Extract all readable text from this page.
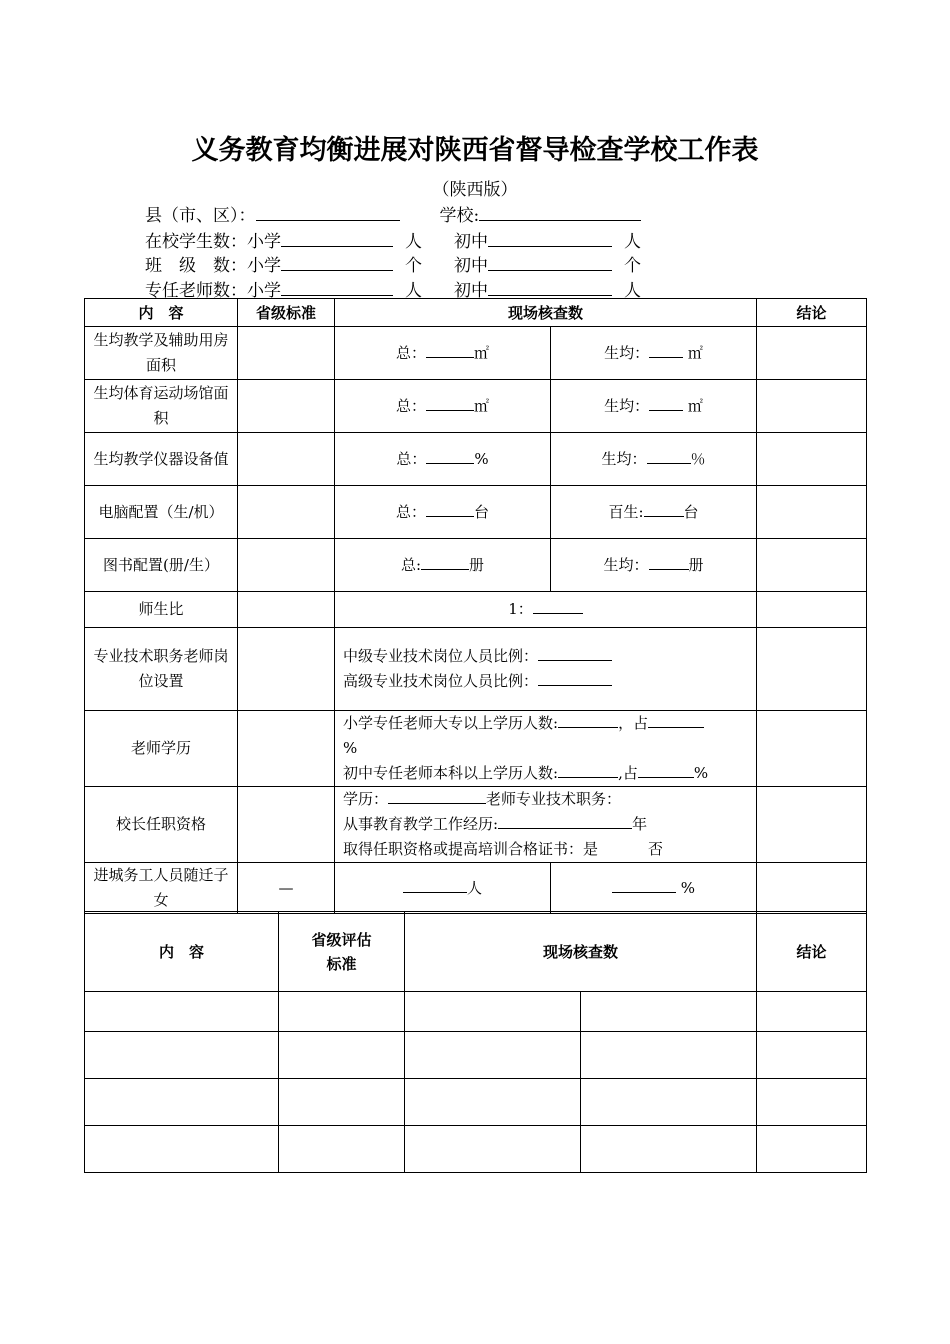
义务教育均衡进展对陕西省督导检查学校工作表
（陕西版）
县（市、区）：	学校:
在校学生数：小学	人 初中	人
班　级　数：小学	个 初中	个
专任老师数：小学	人 初中	人
内　容	省级标准	现场核查数		结论
生均教学及辅助用房面积		总： ㎡	生均： ㎡	
生均体育运动场馆面积		总： ㎡	生均： ㎡	
生均教学仪器设备值		总： %	生均： ％	
电脑配置（生/机）		总： 台	百生: 台	
图书配置(册/生）		总: 册	生均： 册	
师生比		1：		
专业技术职务老师岗位设置		中级专业技术岗位人员比例：
高级专业技术岗位人员比例：		

老师学历		小学专任老师大专以上学历人数: ，占
%
初中专任老师本科以上学历人数: ,占 %		

校长任职资格		学历： 老师专业技术职务：
从事教育教学工作经历: 年
取得任职资格或提高培训合格证书：是 否		

进城务工人员随迁子女	—	人	%	
内　容	省级评估标准	现场核查数		结论
